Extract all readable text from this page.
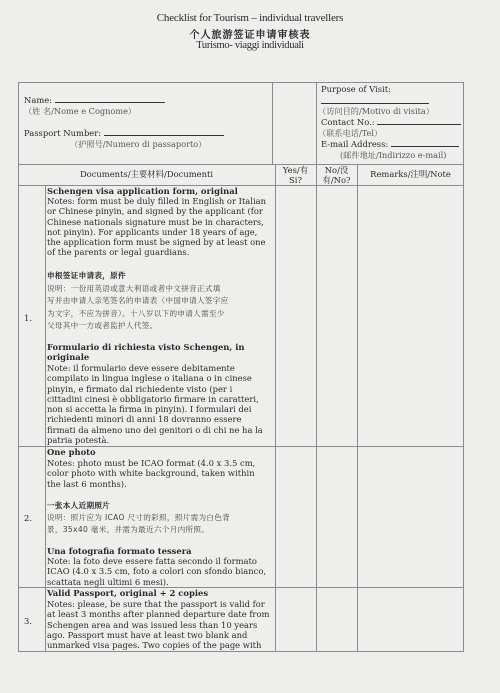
Checklist for Tourism – individual travellers
个人旅游签证申请审核表
Turismo- viaggi individuali
Name:
（姓 名/Nome e Cognome）
Passport Number:
（护照号/Numero di passaporto）
Purpose of Visit:
（访问目的/Motivo di visita）
Contact No.:
（联系电话/Tel）
E-mail Address:
(邮件地址/Indirizzo e-mail)
Documents/主要材料/Documenti	Yes/有
Si?
No/没
有/No?
Remarks/注明/Note
1.
Schengen visa application form, original
Notes: form must be duly filled in English or Italian
or Chinese pinyin, and signed by the applicant (for
Chinese nationals signature must be in characters,
not pinyin). For applicants under 18 years of age,
the application form must be signed by at least one
of the parents or legal guardians.
申根签证申请表，原件
说明：一份用英语或意大利语或者中文拼音正式填
写并由申请人亲笔签名的申请表（中国申请人签字应
为文字，不应为拼音）。十八岁以下的申请人需至少
父母其中一方或者监护人代签。
Formulario di richiesta visto Schengen, in
originale
Note: il formulario deve essere debitamente
compilato in lingua inglese o italiana o in cinese
pinyin, e firmato dal richiedente visto (per i
cittadini cinesi è obbligatorio firmare in caratteri,
non si accetta la firma in pinyin). I formulari dei
richiedenti minori di anni 18 dovranno essere
firmati da almeno uno dei genitori o di chi ne ha la
patria potestà.
2.
One photo
Notes: photo must be ICAO format (4.0 x 3.5 cm,
color photo with white background, taken within
the last 6 months).
一张本人近期照片
说明：照片应为 ICAO 尺寸的彩照，照片需为白色背
景，35x40 毫米，并需为最近六个月内所照。
Una fotografia formato tessera
Note: la foto deve essere fatta secondo il formato
ICAO (4.0 x 3.5 cm, foto a colori con sfondo bianco,
scattata negli ultimi 6 mesi).
3.
Valid Passport, original + 2 copies
Notes: please, be sure that the passport is valid for
at least 3 months after planned departure date from
Schengen area and was issued less than 10 years
ago. Passport must have at least two blank and
unmarked visa pages. Two copies of the page with
